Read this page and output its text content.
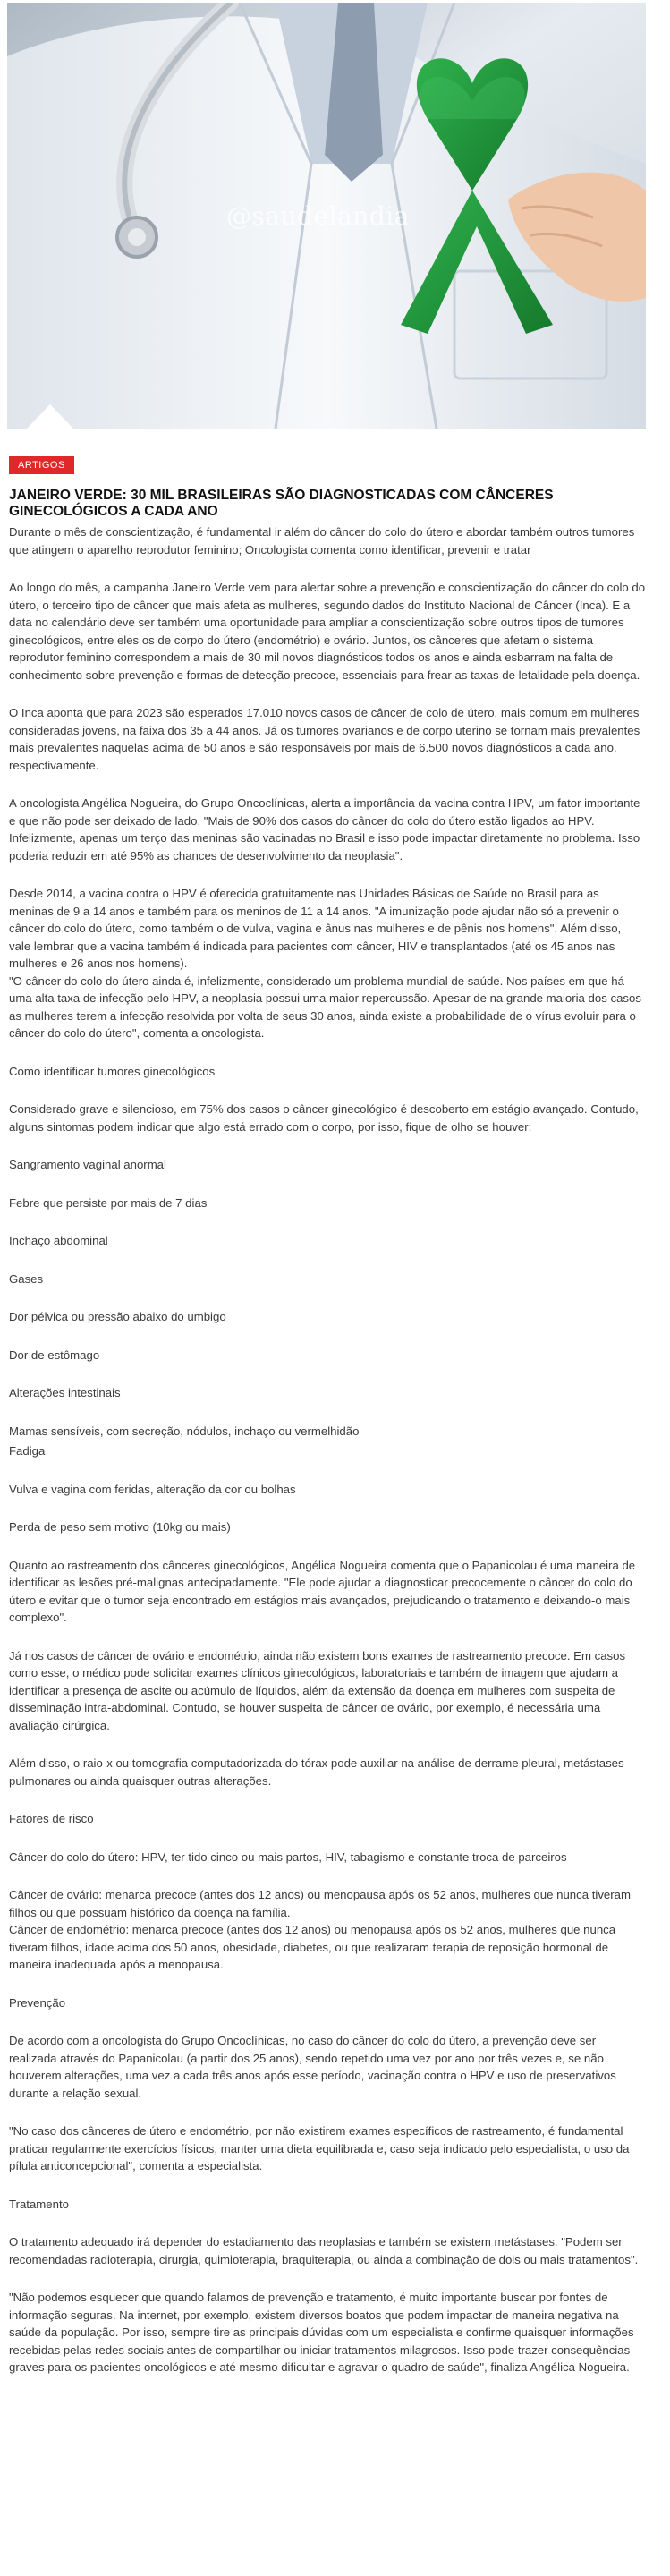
@saudelandia
ARTIGOS
JANEIRO VERDE: 30 MIL BRASILEIRAS SÃO DIAGNOSTICADAS COM CÂNCERES GINECOLÓGICOS A CADA ANO

Durante o mês de conscientização, é fundamental ir além do câncer do colo do útero e abordar também outros tumores que atingem o aparelho reprodutor feminino; Oncologista comenta como identificar, prevenir e tratar

Ao longo do mês, a campanha Janeiro Verde vem para alertar sobre a prevenção e conscientização do câncer do colo do útero, o terceiro tipo de câncer que mais afeta as mulheres, segundo dados do Instituto Nacional de Câncer (Inca). E a data no calendário deve ser também uma oportunidade para ampliar a conscientização sobre outros tipos de tumores ginecológicos, entre eles os de corpo do útero (endométrio) e ovário. Juntos, os cânceres que afetam o sistema reprodutor feminino correspondem a mais de 30 mil novos diagnósticos todos os anos e ainda esbarram na falta de conhecimento sobre prevenção e formas de detecção precoce, essenciais para frear as taxas de letalidade pela doença.

O Inca aponta que para 2023 são esperados 17.010 novos casos de câncer de colo de útero, mais comum em mulheres consideradas jovens, na faixa dos 35 a 44 anos. Já os tumores ovarianos e de corpo uterino se tornam mais prevalentes mais prevalentes naquelas acima de 50 anos e são responsáveis por mais de 6.500 novos diagnósticos a cada ano, respectivamente.

A oncologista Angélica Nogueira, do Grupo Oncoclínicas, alerta a importância da vacina contra HPV, um fator importante e que não pode ser deixado de lado. "Mais de 90% dos casos do câncer do colo do útero estão ligados ao HPV. Infelizmente, apenas um terço das meninas são vacinadas no Brasil e isso pode impactar diretamente no problema. Isso poderia reduzir em até 95% as chances de desenvolvimento da neoplasia".

Desde 2014, a vacina contra o HPV é oferecida gratuitamente nas Unidades Básicas de Saúde no Brasil para as meninas de 9 a 14 anos e também para os meninos de 11 a 14 anos. "A imunização pode ajudar não só a prevenir o câncer do colo do útero, como também o de vulva, vagina e ânus nas mulheres e de pênis nos homens". Além disso, vale lembrar que a vacina também é indicada para pacientes com câncer, HIV e transplantados (até os 45 anos nas mulheres e 26 anos nos homens).
"O câncer do colo do útero ainda é, infelizmente, considerado um problema mundial de saúde. Nos países em que há uma alta taxa de infecção pelo HPV, a neoplasia possui uma maior repercussão. Apesar de na grande maioria dos casos as mulheres terem a infecção resolvida por volta de seus 30 anos, ainda existe a probabilidade de o vírus evoluir para o câncer do colo do útero", comenta a oncologista.

Como identificar tumores ginecológicos

Considerado grave e silencioso, em 75% dos casos o câncer ginecológico é descoberto em estágio avançado. Contudo, alguns sintomas podem indicar que algo está errado com o corpo, por isso, fique de olho se houver:

Sangramento vaginal anormal

Febre que persiste por mais de 7 dias

Inchaço abdominal

Gases

Dor pélvica ou pressão abaixo do umbigo

Dor de estômago

Alterações intestinais

Mamas sensíveis, com secreção, nódulos, inchaço ou vermelhidão

Fadiga

Vulva e vagina com feridas, alteração da cor ou bolhas

Perda de peso sem motivo (10kg ou mais)

Quanto ao rastreamento dos cânceres ginecológicos, Angélica Nogueira comenta que o Papanicolau é uma maneira de identificar as lesões pré-malignas antecipadamente. "Ele pode ajudar a diagnosticar precocemente o câncer do colo do útero e evitar que o tumor seja encontrado em estágios mais avançados, prejudicando o tratamento e deixando-o mais complexo".

Já nos casos de câncer de ovário e endométrio, ainda não existem bons exames de rastreamento precoce. Em casos como esse, o médico pode solicitar exames clínicos ginecológicos, laboratoriais e também de imagem que ajudam a identificar a presença de ascite ou acúmulo de líquidos, além da extensão da doença em mulheres com suspeita de disseminação intra-abdominal. Contudo, se houver suspeita de câncer de ovário, por exemplo, é necessária uma avaliação cirúrgica.

Além disso, o raio-x ou tomografia computadorizada do tórax pode auxiliar na análise de derrame pleural, metástases pulmonares ou ainda quaisquer outras alterações.

Fatores de risco

Câncer do colo do útero: HPV, ter tido cinco ou mais partos, HIV, tabagismo e constante troca de parceiros

Câncer de ovário: menarca precoce (antes dos 12 anos) ou menopausa após os 52 anos, mulheres que nunca tiveram filhos ou que possuam histórico da doença na família.
Câncer de endométrio: menarca precoce (antes dos 12 anos) ou menopausa após os 52 anos, mulheres que nunca tiveram filhos, idade acima dos 50 anos, obesidade, diabetes, ou que realizaram terapia de reposição hormonal de maneira inadequada após a menopausa.

Prevenção

De acordo com a oncologista do Grupo Oncoclínicas, no caso do câncer do colo do útero, a prevenção deve ser realizada através do Papanicolau (a partir dos 25 anos), sendo repetido uma vez por ano por três vezes e, se não houverem alterações, uma vez a cada três anos após esse período, vacinação contra o HPV e uso de preservativos durante a relação sexual.

"No caso dos cânceres de útero e endométrio, por não existirem exames específicos de rastreamento, é fundamental praticar regularmente exercícios físicos, manter uma dieta equilibrada e, caso seja indicado pelo especialista, o uso da pílula anticoncepcional", comenta a especialista.

Tratamento

O tratamento adequado irá depender do estadiamento das neoplasias e também se existem metástases. "Podem ser recomendadas radioterapia, cirurgia, quimioterapia, braquiterapia, ou ainda a combinação de dois ou mais tratamentos".

"Não podemos esquecer que quando falamos de prevenção e tratamento, é muito importante buscar por fontes de informação seguras. Na internet, por exemplo, existem diversos boatos que podem impactar de maneira negativa na saúde da população. Por isso, sempre tire as principais dúvidas com um especialista e confirme quaisquer informações recebidas pelas redes sociais antes de compartilhar ou iniciar tratamentos milagrosos. Isso pode trazer consequências graves para os pacientes oncológicos e até mesmo dificultar e agravar o quadro de saúde", finaliza Angélica Nogueira.
